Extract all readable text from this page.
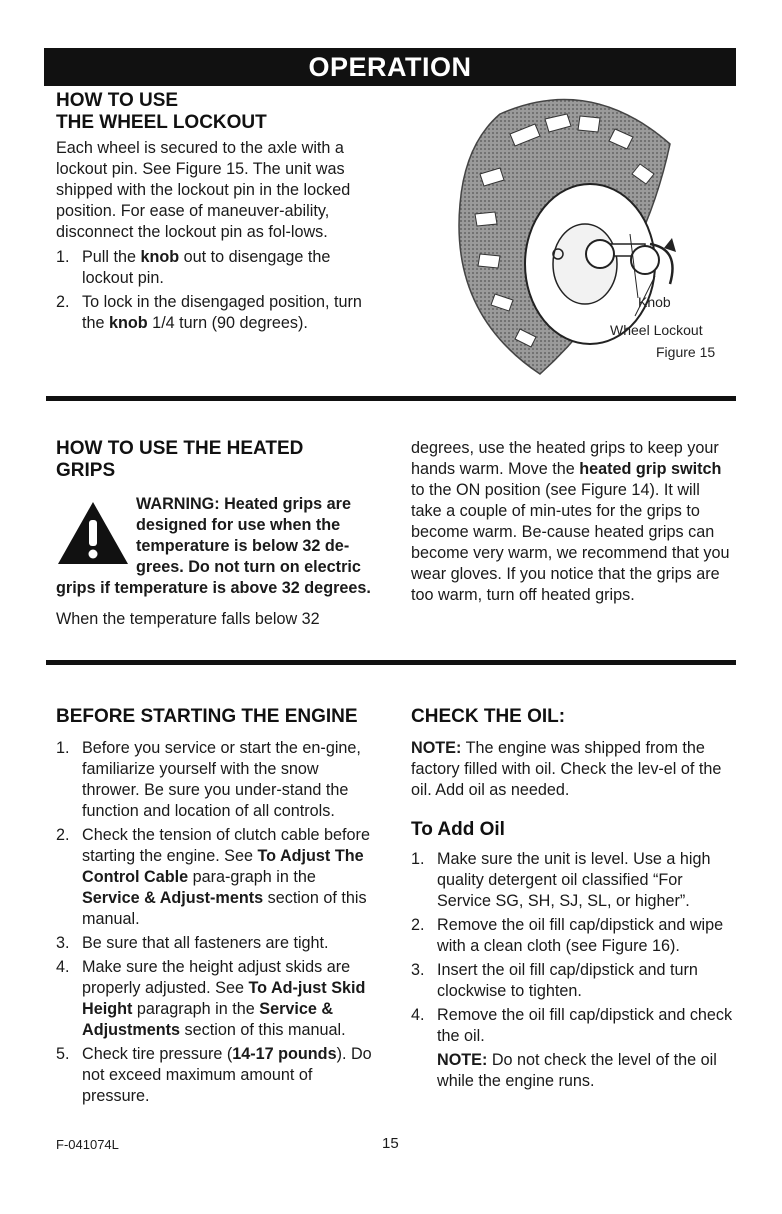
OPERATION
HOW TO USE
THE WHEEL LOCKOUT

Each wheel is secured to the axle with a lockout pin. See Figure 15. The unit was shipped with the lockout pin in the locked position. For ease of maneuver-ability, disconnect the lockout pin as fol-lows.

1. Pull the knob out to disengage the lockout pin.
2. To lock in the disengaged position, turn the knob 1/4 turn (90 degrees).
Knob
Wheel Lockout
Figure 15
HOW TO USE THE HEATED
GRIPS
WARNING: Heated grips are designed for use when the temperature is below 32 de-grees. Do not turn on electric grips if temperature is above 32 degrees.

When the temperature falls below 32

degrees, use the heated grips to keep your hands warm. Move the heated grip switch to the ON position (see Figure 14). It will take a couple of min-utes for the grips to become warm. Be-cause heated grips can become very warm, we recommend that you wear gloves. If you notice that the grips are too warm, turn off heated grips.

BEFORE STARTING THE ENGINE
1. Before you service or start the en-gine, familiarize yourself with the snow thrower. Be sure you under-stand the function and location of all controls.
2. Check the tension of clutch cable before starting the engine. See To Adjust The Control Cable para-graph in the Service & Adjust-ments section of this manual.
3. Be sure that all fasteners are tight.
4. Make sure the height adjust skids are properly adjusted. See To Ad-just Skid Height paragraph in the Service & Adjustments section of this manual.
5. Check tire pressure (14-17 pounds). Do not exceed maximum amount of pressure.
CHECK THE OIL:

NOTE: The engine was shipped from the factory filled with oil. Check the lev-el of the oil. Add oil as needed.

To Add Oil
1. Make sure the unit is level. Use a high quality detergent oil classified “For Service SG, SH, SJ, SL, or higher”.
2. Remove the oil fill cap/dipstick and wipe with a clean cloth (see Figure 16).
3. Insert the oil fill cap/dipstick and turn clockwise to tighten.
4. Remove the oil fill cap/dipstick and check the oil.

NOTE: Do not check the level of the oil while the engine runs.

F-041074L	15
